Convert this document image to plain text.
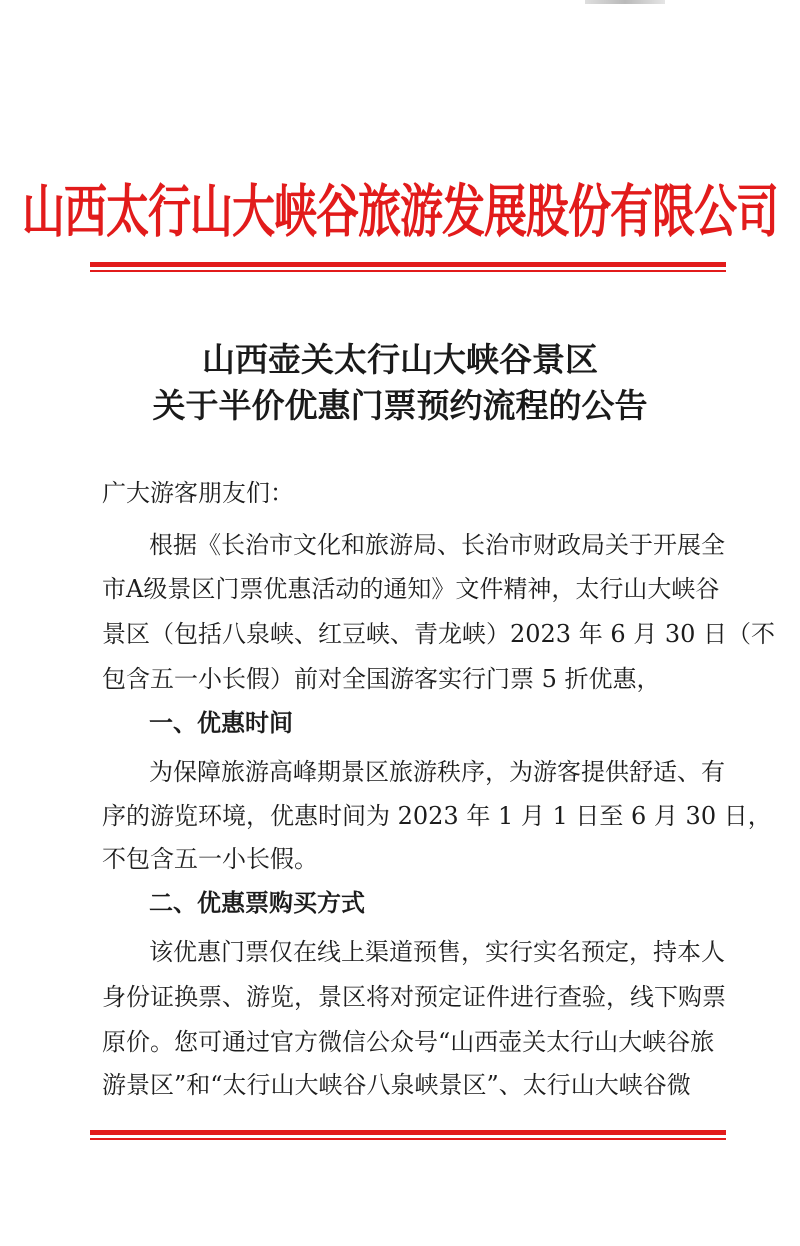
山西太行山大峡谷旅游发展股份有限公司
山西壶关太行山大峡谷景区
关于半价优惠门票预约流程的公告
广大游客朋友们：
根据《长治市文化和旅游局、长治市财政局关于开展全
市A级景区门票优惠活动的通知》文件精神，太行山大峡谷
景区（包括八泉峡、红豆峡、青龙峡）2023 年 6 月 30 日（不
包含五一小长假）前对全国游客实行门票 5 折优惠，
一、优惠时间
为保障旅游高峰期景区旅游秩序，为游客提供舒适、有
序的游览环境，优惠时间为 2023 年 1 月 1 日至 6 月 30 日，
不包含五一小长假。
二、优惠票购买方式
该优惠门票仅在线上渠道预售，实行实名预定，持本人
身份证换票、游览，景区将对预定证件进行查验，线下购票
原价。您可通过官方微信公众号“山西壶关太行山大峡谷旅
游景区”和“太行山大峡谷八泉峡景区”、太行山大峡谷微
